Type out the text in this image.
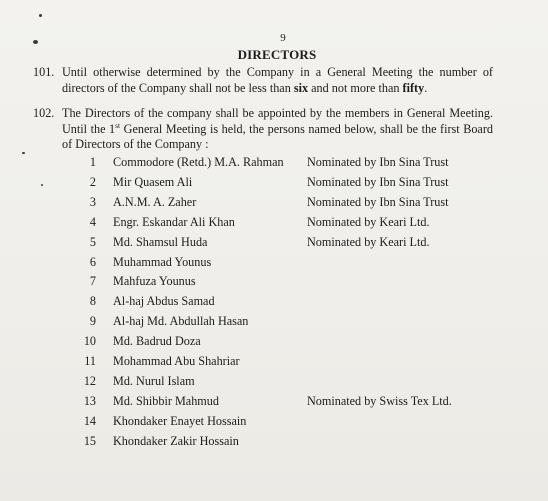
9
DIRECTORS
101. Until otherwise determined by the Company in a General Meeting the number of directors of the Company shall not be less than six and not more than fifty.
102. The Directors of the company shall be appointed by the members in General Meeting. Until the 1st General Meeting is held, the persons named below, shall be the first Board of Directors of the Company :
1 Commodore (Retd.) M.A. Rahman Nominated by Ibn Sina Trust
2 Mir Quasem Ali	Nominated by Ibn Sina Trust
3 A.N.M. A. Zaher	Nominated by Ibn Sina Trust
4 Engr. Eskandar Ali Khan	Nominated by Keari Ltd.
5 Md. Shamsul Huda	Nominated by Keari Ltd.
6 Muhammad Younus
7 Mahfuza Younus
8 Al-haj Abdus Samad
9 Al-haj Md. Abdullah Hasan
10 Md. Badrud Doza
11 Mohammad Abu Shahriar
12 Md. Nurul Islam
13 Md. Shibbir Mahmud	Nominated by Swiss Tex Ltd.
14 Khondaker Enayet Hossain
15 Khondaker Zakir Hossain
